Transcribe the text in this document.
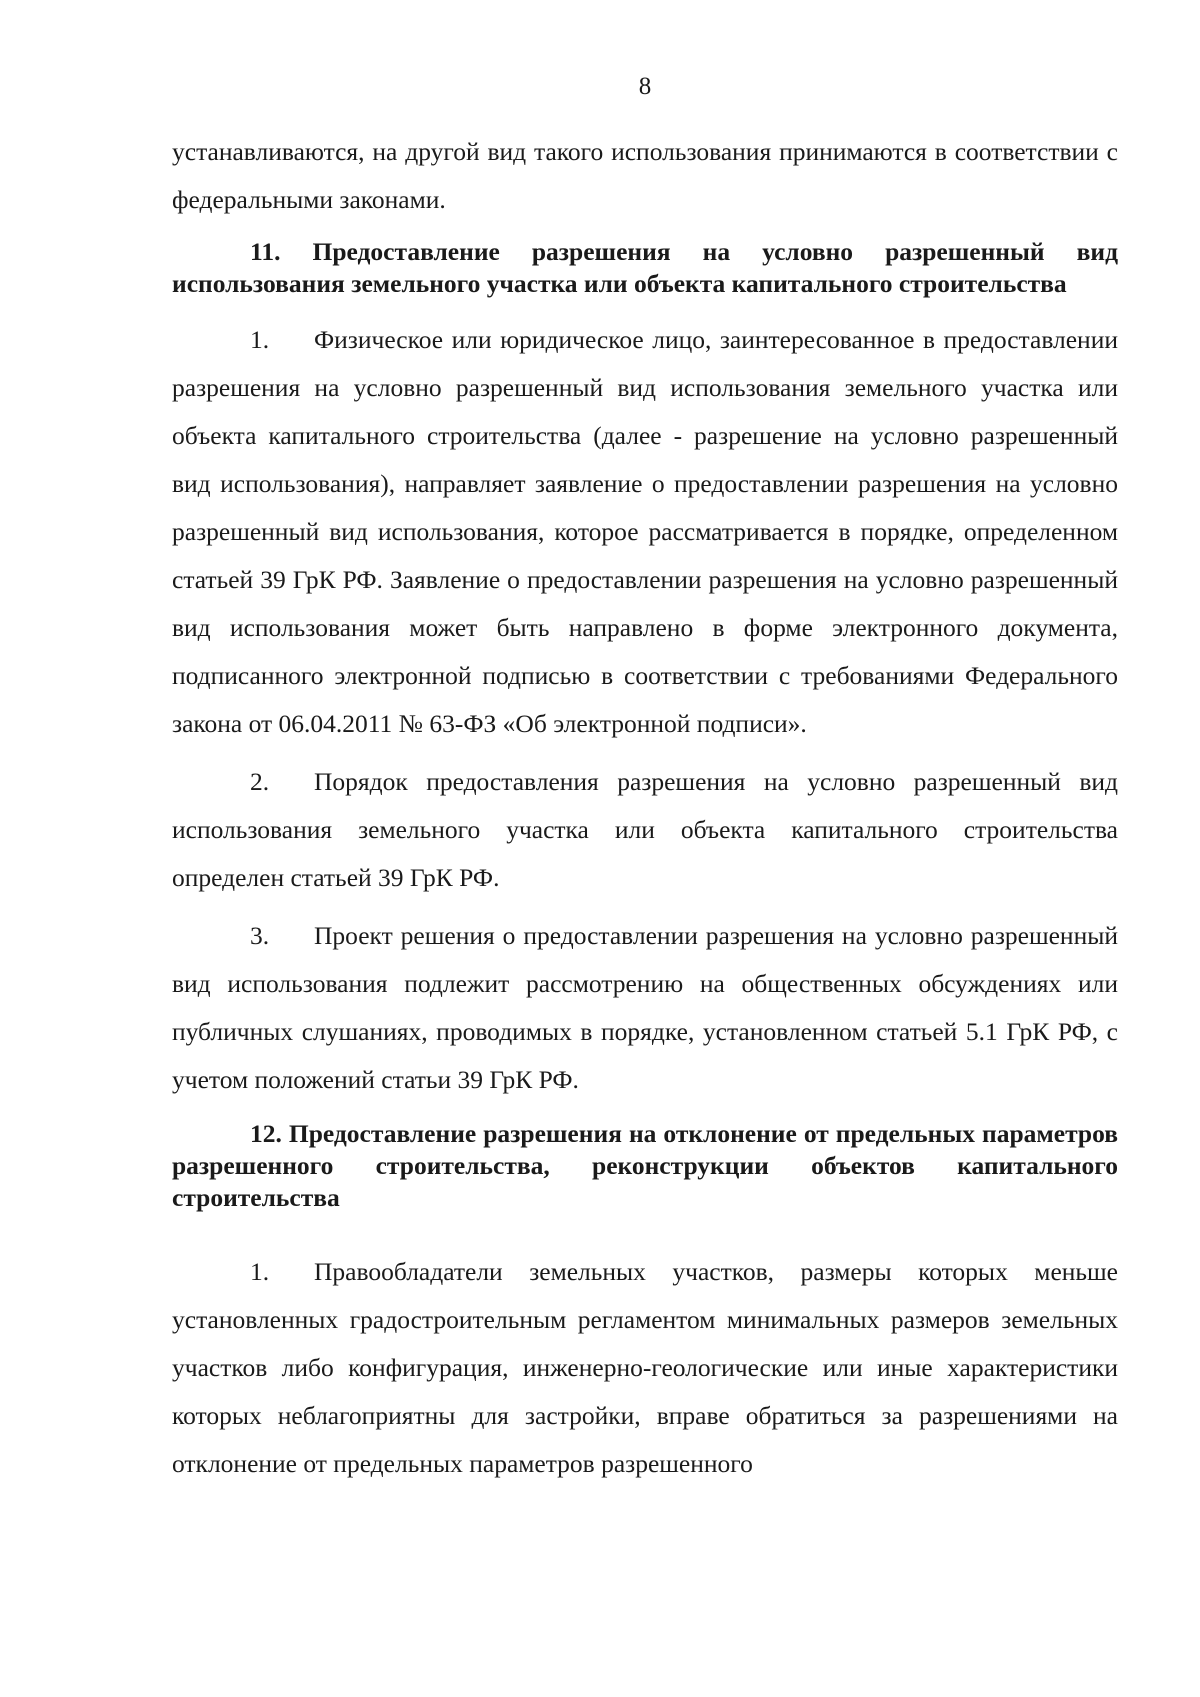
8

устанавливаются, на другой вид такого использования принимаются в соответствии с федеральными законами.

11. Предоставление разрешения на условно разрешенный вид использования земельного участка или объекта капитального строительства

1. Физическое или юридическое лицо, заинтересованное в предоставлении разрешения на условно разрешенный вид использования земельного участка или объекта капитального строительства (далее - разрешение на условно разрешенный вид использования), направляет заявление о предоставлении разрешения на условно разрешенный вид использования, которое рассматривается в порядке, определенном статьей 39 ГрК РФ. Заявление о предоставлении разрешения на условно разрешенный вид использования может быть направлено в форме электронного документа, подписанного электронной подписью в соответствии с требованиями Федерального закона от 06.04.2011 № 63-ФЗ «Об электронной подписи».

2. Порядок предоставления разрешения на условно разрешенный вид использования земельного участка или объекта капитального строительства определен статьей 39 ГрК РФ.

3. Проект решения о предоставлении разрешения на условно разрешенный вид использования подлежит рассмотрению на общественных обсуждениях или публичных слушаниях, проводимых в порядке, установленном статьей 5.1 ГрК РФ, с учетом положений статьи 39 ГрК РФ.

12. Предоставление разрешения на отклонение от предельных параметров разрешенного строительства, реконструкции объектов капитального строительства

1. Правообладатели земельных участков, размеры которых меньше установленных градостроительным регламентом минимальных размеров земельных участков либо конфигурация, инженерно-геологические или иные характеристики которых неблагоприятны для застройки, вправе обратиться за разрешениями на отклонение от предельных параметров разрешенного
